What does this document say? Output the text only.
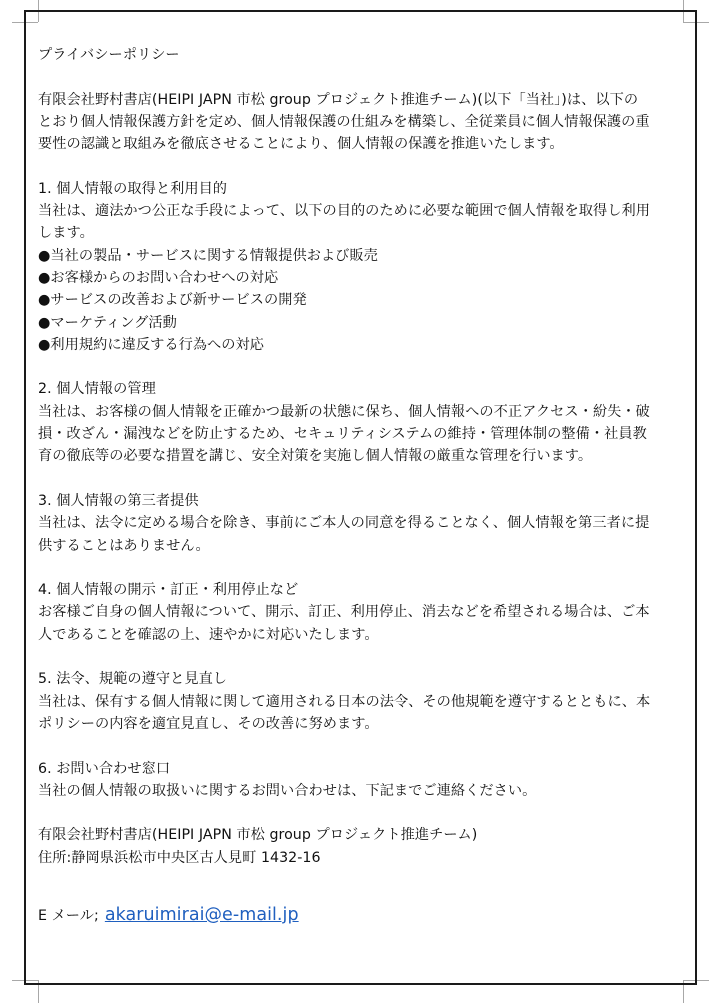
プライバシーポリシー

有限会社野村書店(HEIPI JAPN 市松 group プロジェクト推進チーム)(以下「当社」)は、以下の

とおり個人情報保護方針を定め、個人情報保護の仕組みを構築し、全従業員に個人情報保護の重

要性の認識と取組みを徹底させることにより、個人情報の保護を推進いたします。

1. 個人情報の取得と利用目的

当社は、適法かつ公正な手段によって、以下の目的のために必要な範囲で個人情報を取得し利用

します。

●当社の製品・サービスに関する情報提供および販売

●お客様からのお問い合わせへの対応

●サービスの改善および新サービスの開発

●マーケティング活動

●利用規約に違反する行為への対応

2. 個人情報の管理

当社は、お客様の個人情報を正確かつ最新の状態に保ち、個人情報への不正アクセス・紛失・破

損・改ざん・漏洩などを防止するため、セキュリティシステムの維持・管理体制の整備・社員教

育の徹底等の必要な措置を講じ、安全対策を実施し個人情報の厳重な管理を行います。

3. 個人情報の第三者提供

当社は、法令に定める場合を除き、事前にご本人の同意を得ることなく、個人情報を第三者に提

供することはありません。

4. 個人情報の開示・訂正・利用停止など

お客様ご自身の個人情報について、開示、訂正、利用停止、消去などを希望される場合は、ご本

人であることを確認の上、速やかに対応いたします。

5. 法令、規範の遵守と見直し

当社は、保有する個人情報に関して適用される日本の法令、その他規範を遵守するとともに、本

ポリシーの内容を適宜見直し、その改善に努めます。

6. お問い合わせ窓口

当社の個人情報の取扱いに関するお問い合わせは、下記までご連絡ください。

有限会社野村書店(HEIPI JAPN 市松 group プロジェクト推進チーム)

住所:静岡県浜松市中央区古人見町 1432-16

E メール; akaruimirai@e-mail.jp
